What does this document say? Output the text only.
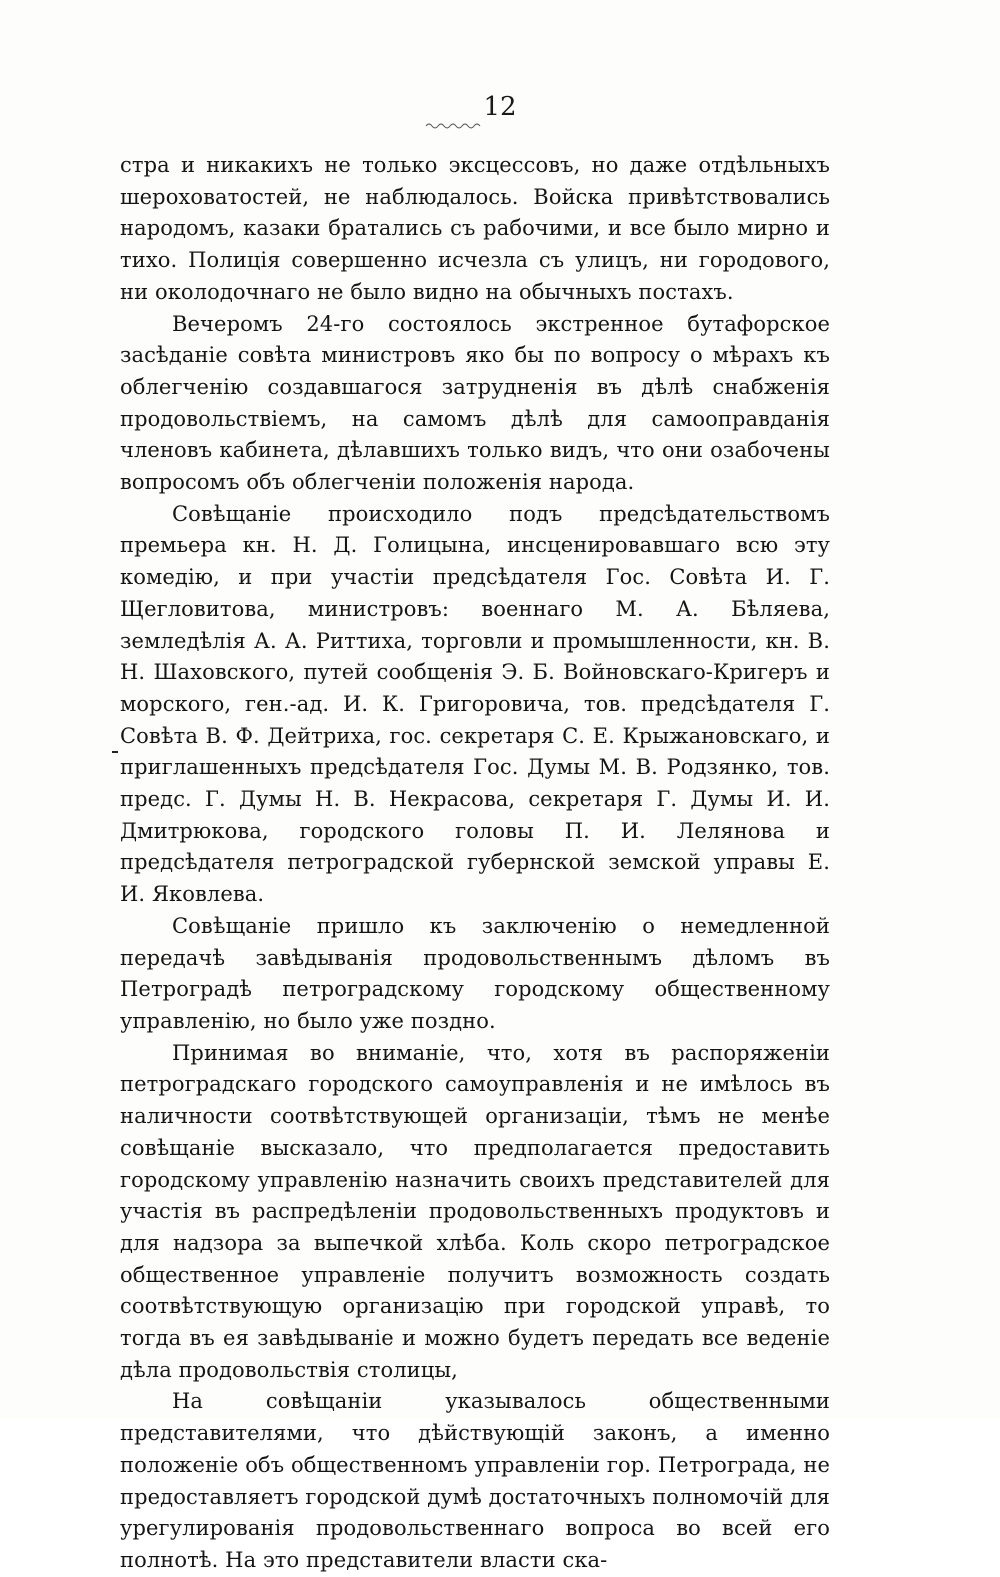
12

стра и никакихъ не только эксцессовъ, но даже отдѣльныхъ шероховатостей, не наблюдалось. Войска привѣтствовались народомъ, казаки братались съ рабочими, и все было мирно и тихо. Полиція совершенно исчезла съ улицъ, ни городового, ни околодочнаго не было видно на обычныхъ постахъ.

Вечеромъ 24-го состоялось экстренное бутафорское засѣданіе совѣта министровъ яко бы по вопросу о мѣрахъ къ облегченію создавшагося затрудненія въ дѣлѣ снабженія продовольствіемъ, на самомъ дѣлѣ для самооправданія членовъ кабинета, дѣлавшихъ только видъ, что они озабочены вопросомъ объ облегченіи положенія народа.

Совѣщаніе происходило подъ предсѣдательствомъ премьера кн. Н. Д. Голицына, инсценировавшаго всю эту комедію, и при участіи предсѣдателя Гос. Совѣта И. Г. Щегловитова, министровъ: военнаго М. А. Бѣляева, земледѣлія А. А. Риттиха, торговли и промышленности, кн. В. Н. Шаховского, путей сообщенія Э. Б. Войновскаго-Кригеръ и морского, ген.-ад. И. К. Григоровича, тов. предсѣдателя Г. Совѣта В. Ф. Дейтриха, гос. секретаря С. Е. Крыжановскаго, и приглашенныхъ предсѣдателя Гос. Думы М. В. Родзянко, тов. предс. Г. Думы Н. В. Некрасова, секретаря Г. Думы И. И. Дмитрюкова, городского головы П. И. Лелянова и предсѣдателя петроградской губернской земской управы Е. И. Яковлева.

Совѣщаніе пришло къ заключенію о немедленной передачѣ завѣдыванія продовольственнымъ дѣломъ въ Петроградѣ петроградскому городскому общественному управленію, но было уже поздно.

Принимая во вниманіе, что, хотя въ распоряженіи петроградскаго городского самоуправленія и не имѣлось въ наличности соотвѣтствующей организаціи, тѣмъ не менѣе совѣщаніе высказало, что предполагается предоставить городскому управленію назначить своихъ представителей для участія въ распредѣленіи продовольственныхъ продуктовъ и для надзора за выпечкой хлѣба. Коль скоро петроградское общественное управленіе получитъ возможность создать соотвѣтствующую организацію при городской управѣ, то тогда въ ея завѣдываніе и можно будетъ передать все веденіе дѣла продовольствія столицы,

На совѣщаніи указывалось общественными представителями, что дѣйствующій законъ, а именно положеніе объ общественномъ управленіи гор. Петрограда, не предоставляетъ городской думѣ достаточныхъ полномочій для урегулированія продовольственнаго вопроса во всей его полнотѣ. На это представители власти ска-
